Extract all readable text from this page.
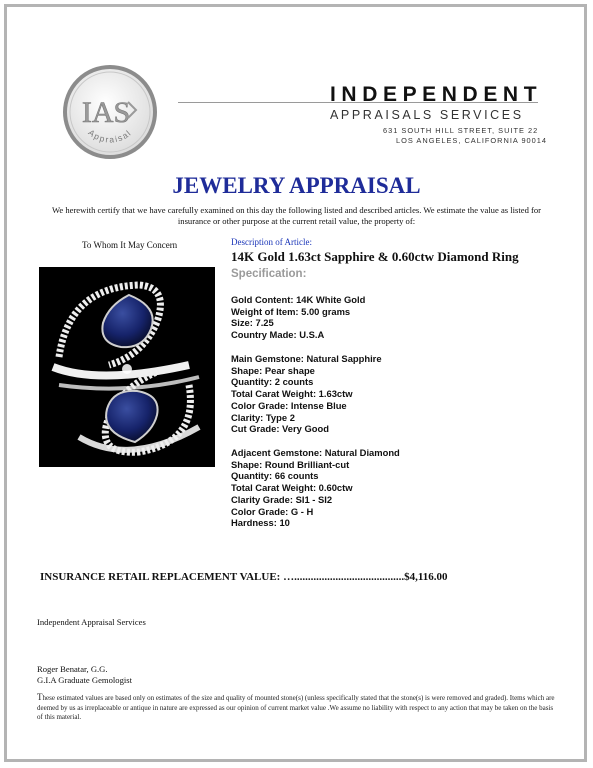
IAS
Appraisal
INDEPENDENT
APPRAISALS SERVICES
631 SOUTH HILL STREET, SUITE 22
LOS ANGELES, CALIFORNIA 90014
JEWELRY APPRAISAL
We herewith certify that we have carefully examined on this day the following listed and described articles. We estimate the value as listed for insurance or other purpose at the current retail value, the property of:
To Whom It May Concern	Description of Article:
14K Gold 1.63ct Sapphire & 0.60ctw Diamond Ring
Specification:
Gold Content: 14K White Gold
Weight of Item: 5.00 grams
Size: 7.25
Country Made: U.S.A
Main Gemstone: Natural Sapphire
Shape: Pear shape
Quantity: 2 counts
Total Carat Weight: 1.63ctw
Color Grade: Intense Blue
Clarity: Type 2
Cut Grade: Very Good
Adjacent Gemstone: Natural Diamond
Shape: Round Brilliant-cut
Quantity: 66 counts
Total Carat Weight: 0.60ctw
Clarity Grade: SI1 - SI2
Color Grade: G - H
Hardness: 10
INSURANCE RETAIL REPLACEMENT VALUE: …........................................$4,116.00
Independent Appraisal Services
Roger Benatar, G.G.
G.I.A Graduate Gemologist
These estimated values are based only on estimates of the size and quality of mounted stone(s) (unless specifically stated that the stone(s) is were removed and graded). Items which are deemed by us as irreplaceable or antique in nature are expressed as our opinion of current market value .We assume no liability with respect to any action that may be taken on the basis of this material.
